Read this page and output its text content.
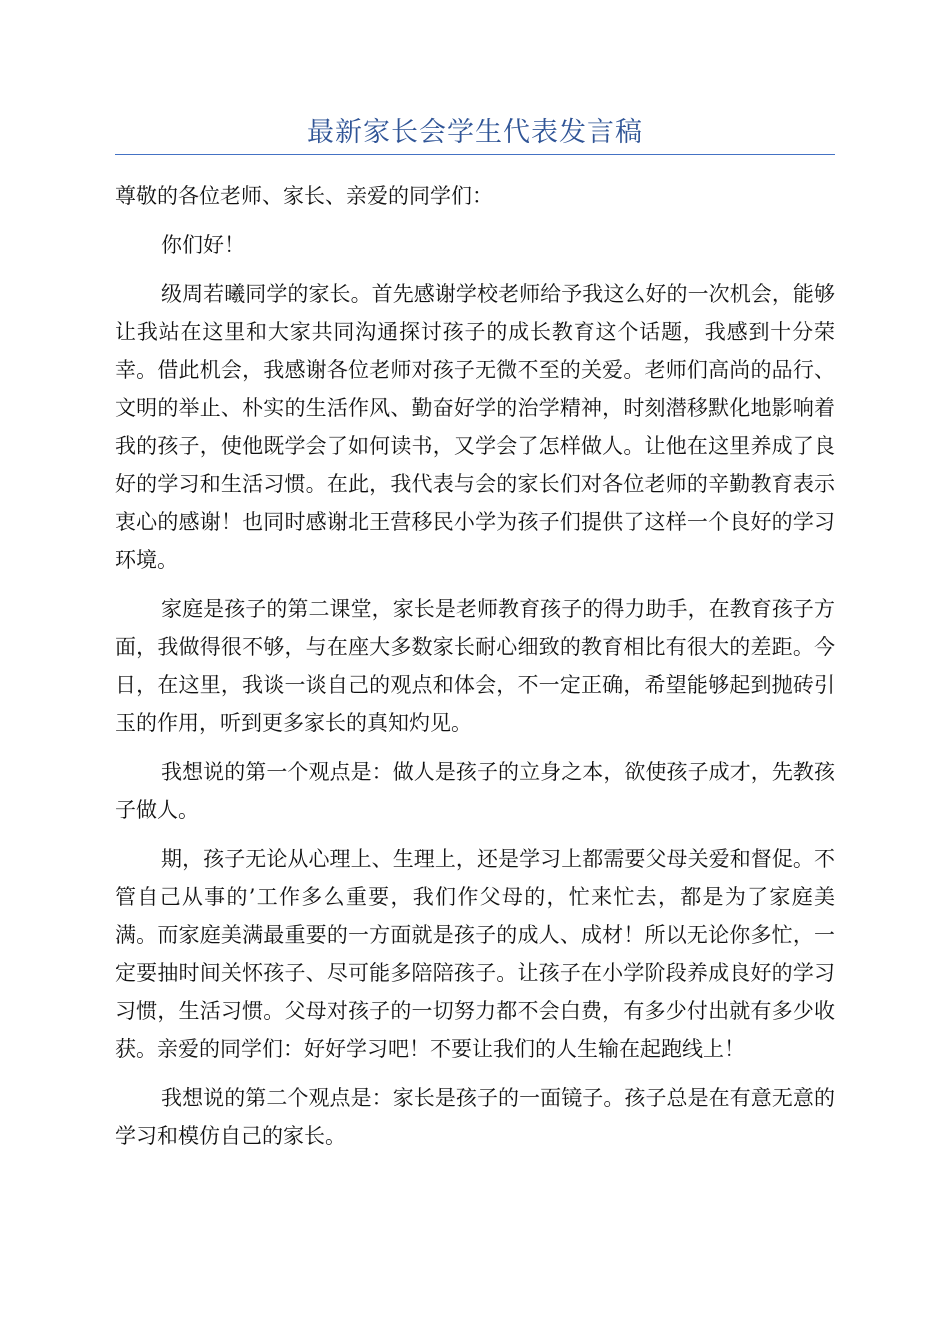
最新家长会学生代表发言稿

尊敬的各位老师、家长、亲爱的同学们：

你们好！

级周若曦同学的家长。首先感谢学校老师给予我这么好的一次机会，能够让我站在这里和大家共同沟通探讨孩子的成长教育这个话题，我感到十分荣幸。借此机会，我感谢各位老师对孩子无微不至的关爱。老师们高尚的品行、文明的举止、朴实的生活作风、勤奋好学的治学精神，时刻潜移默化地影响着我的孩子，使他既学会了如何读书，又学会了怎样做人。让他在这里养成了良好的学习和生活习惯。在此，我代表与会的家长们对各位老师的辛勤教育表示衷心的感谢！也同时感谢北王营移民小学为孩子们提供了这样一个良好的学习环境。

家庭是孩子的第二课堂，家长是老师教育孩子的得力助手，在教育孩子方面，我做得很不够，与在座大多数家长耐心细致的教育相比有很大的差距。今日，在这里，我谈一谈自己的观点和体会，不一定正确，希望能够起到抛砖引玉的作用，听到更多家长的真知灼见。

我想说的第一个观点是：做人是孩子的立身之本，欲使孩子成才，先教孩子做人。

期，孩子无论从心理上、生理上，还是学习上都需要父母关爱和督促。不管自己从事的’工作多么重要，我们作父母的，忙来忙去，都是为了家庭美满。而家庭美满最重要的一方面就是孩子的成人、成材！所以无论你多忙，一定要抽时间关怀孩子、尽可能多陪陪孩子。让孩子在小学阶段养成良好的学习习惯，生活习惯。父母对孩子的一切努力都不会白费，有多少付出就有多少收获。亲爱的同学们：好好学习吧！不要让我们的人生输在起跑线上！

我想说的第二个观点是：家长是孩子的一面镜子。孩子总是在有意无意的学习和模仿自己的家长。
